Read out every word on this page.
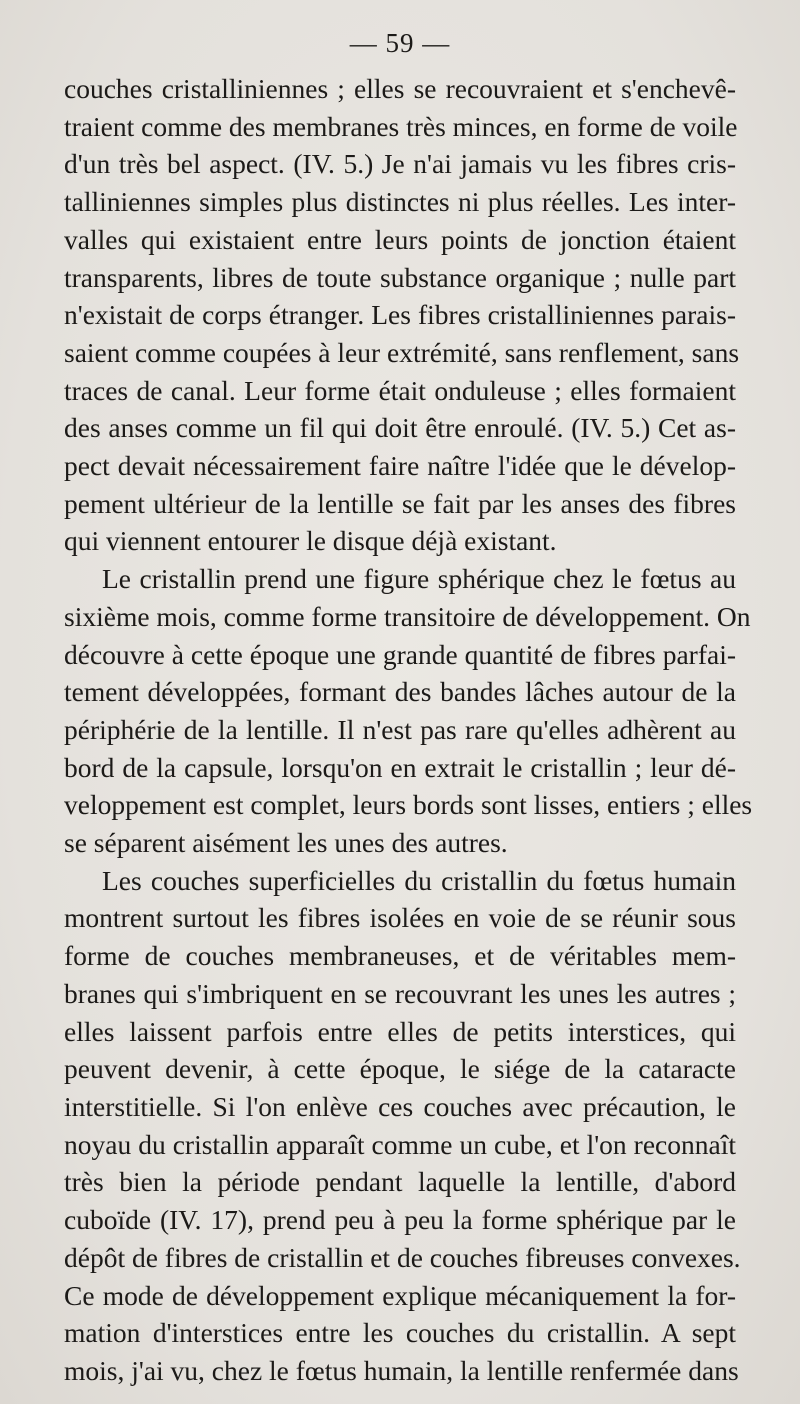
— 59 —
couches cristalliniennes ; elles se recouvraient et s'enchevê-
traient comme des membranes très minces, en forme de voile
d'un très bel aspect. (IV. 5.) Je n'ai jamais vu les fibres cris-
talliniennes simples plus distinctes ni plus réelles. Les inter-
valles qui existaient entre leurs points de jonction étaient
transparents, libres de toute substance organique ; nulle part
n'existait de corps étranger. Les fibres cristalliniennes parais-
saient comme coupées à leur extrémité, sans renflement, sans
traces de canal. Leur forme était onduleuse ; elles formaient
des anses comme un fil qui doit être enroulé. (IV. 5.) Cet as-
pect devait nécessairement faire naître l'idée que le dévelop-
pement ultérieur de la lentille se fait par les anses des fibres
qui viennent entourer le disque déjà existant.
Le cristallin prend une figure sphérique chez le fœtus au
sixième mois, comme forme transitoire de développement. On
découvre à cette époque une grande quantité de fibres parfai-
tement développées, formant des bandes lâches autour de la
périphérie de la lentille. Il n'est pas rare qu'elles adhèrent au
bord de la capsule, lorsqu'on en extrait le cristallin ; leur dé-
veloppement est complet, leurs bords sont lisses, entiers ; elles
se séparent aisément les unes des autres.
Les couches superficielles du cristallin du fœtus humain
montrent surtout les fibres isolées en voie de se réunir sous
forme de couches membraneuses, et de véritables mem-
branes qui s'imbriquent en se recouvrant les unes les autres ;
elles laissent parfois entre elles de petits interstices, qui
peuvent devenir, à cette époque, le siége de la cataracte
interstitielle. Si l'on enlève ces couches avec précaution, le
noyau du cristallin apparaît comme un cube, et l'on reconnaît
très bien la période pendant laquelle la lentille, d'abord
cuboïde (IV. 17), prend peu à peu la forme sphérique par le
dépôt de fibres de cristallin et de couches fibreuses convexes.
Ce mode de développement explique mécaniquement la for-
mation d'interstices entre les couches du cristallin. A sept
mois, j'ai vu, chez le fœtus humain, la lentille renfermée dans
